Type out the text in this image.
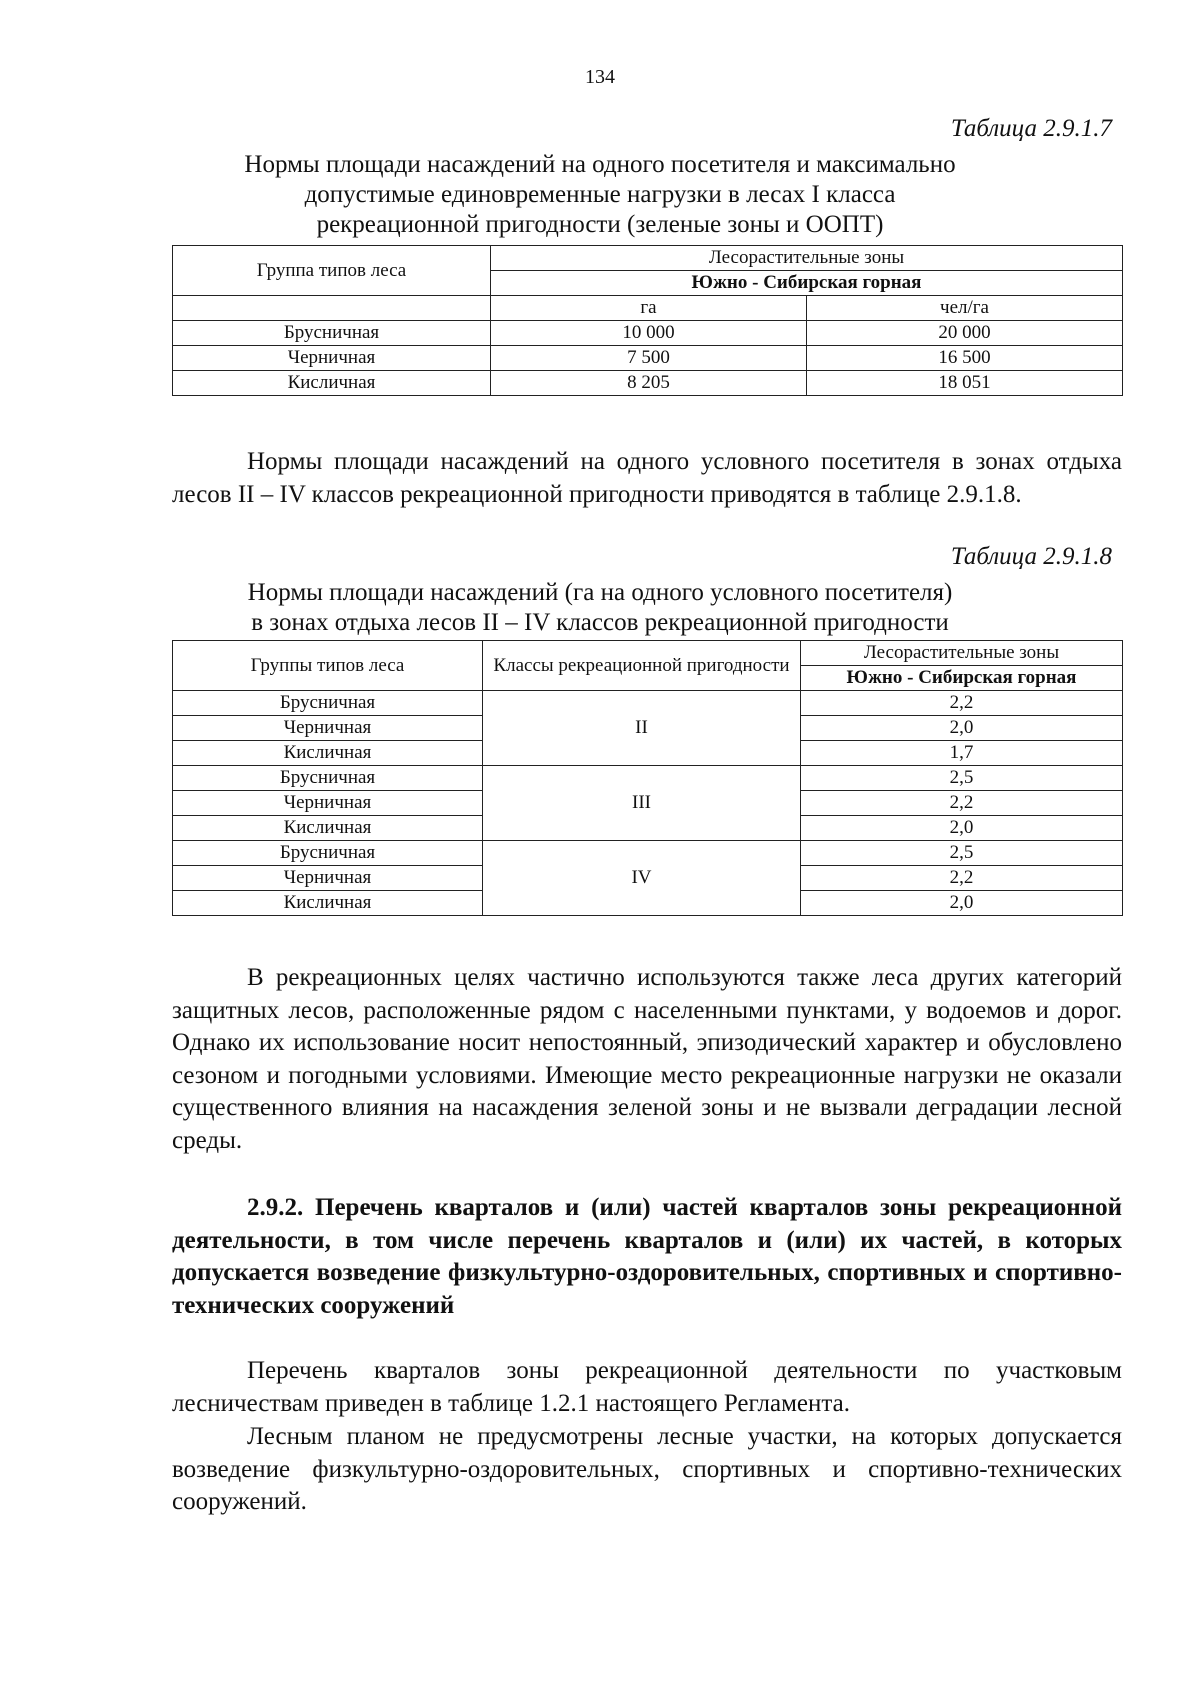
134
Таблица 2.9.1.7
Нормы площади насаждений на одного посетителя и максимально
допустимые единовременные нагрузки в лесах I класса
рекреационной пригодности (зеленые зоны и ООПТ)
Группа типов леса	Лесорастительные зоны	
	Южно - Сибирская горная	
	га	чел/га
Брусничная	10 000	20 000
Черничная	7 500	16 500
Кисличная	8 205	18 051
Нормы площади насаждений на одного условного посетителя в зонах отдыха лесов II – IV классов рекреационной пригодности приводятся в таблице 2.9.1.8.
Таблица 2.9.1.8
Нормы площади насаждений (га на одного условного посетителя)
в зонах отдыха лесов II – IV классов рекреационной пригодности
Группы типов леса	Классы рекреационной пригодности	Лесорастительные зоны
		Южно - Сибирская горная
Брусничная	II	2,2
Черничная		2,0
Кисличная		1,7
Брусничная	III	2,5
Черничная		2,2
Кисличная		2,0
Брусничная	IV	2,5
Черничная		2,2
Кисличная		2,0
В рекреационных целях частично используются также леса других категорий защитных лесов, расположенные рядом с населенными пунктами, у водоемов и дорог. Однако их использование носит непостоянный, эпизодический характер и обусловлено сезоном и погодными условиями. Имеющие место рекреационные нагрузки не оказали существенного влияния на насаждения зеленой зоны и не вызвали деградации лесной среды.
2.9.2. Перечень кварталов и (или) частей кварталов зоны рекреационной деятельности, в том числе перечень кварталов и (или) их частей, в которых допускается возведение физкультурно-оздоровительных, спортивных и спортивно-технических сооружений
Перечень кварталов зоны рекреационной деятельности по участковым лесничествам приведен в таблице 1.2.1 настоящего Регламента.
Лесным планом не предусмотрены лесные участки, на которых допускается возведение физкультурно-оздоровительных, спортивных и спортивно-технических сооружений.
